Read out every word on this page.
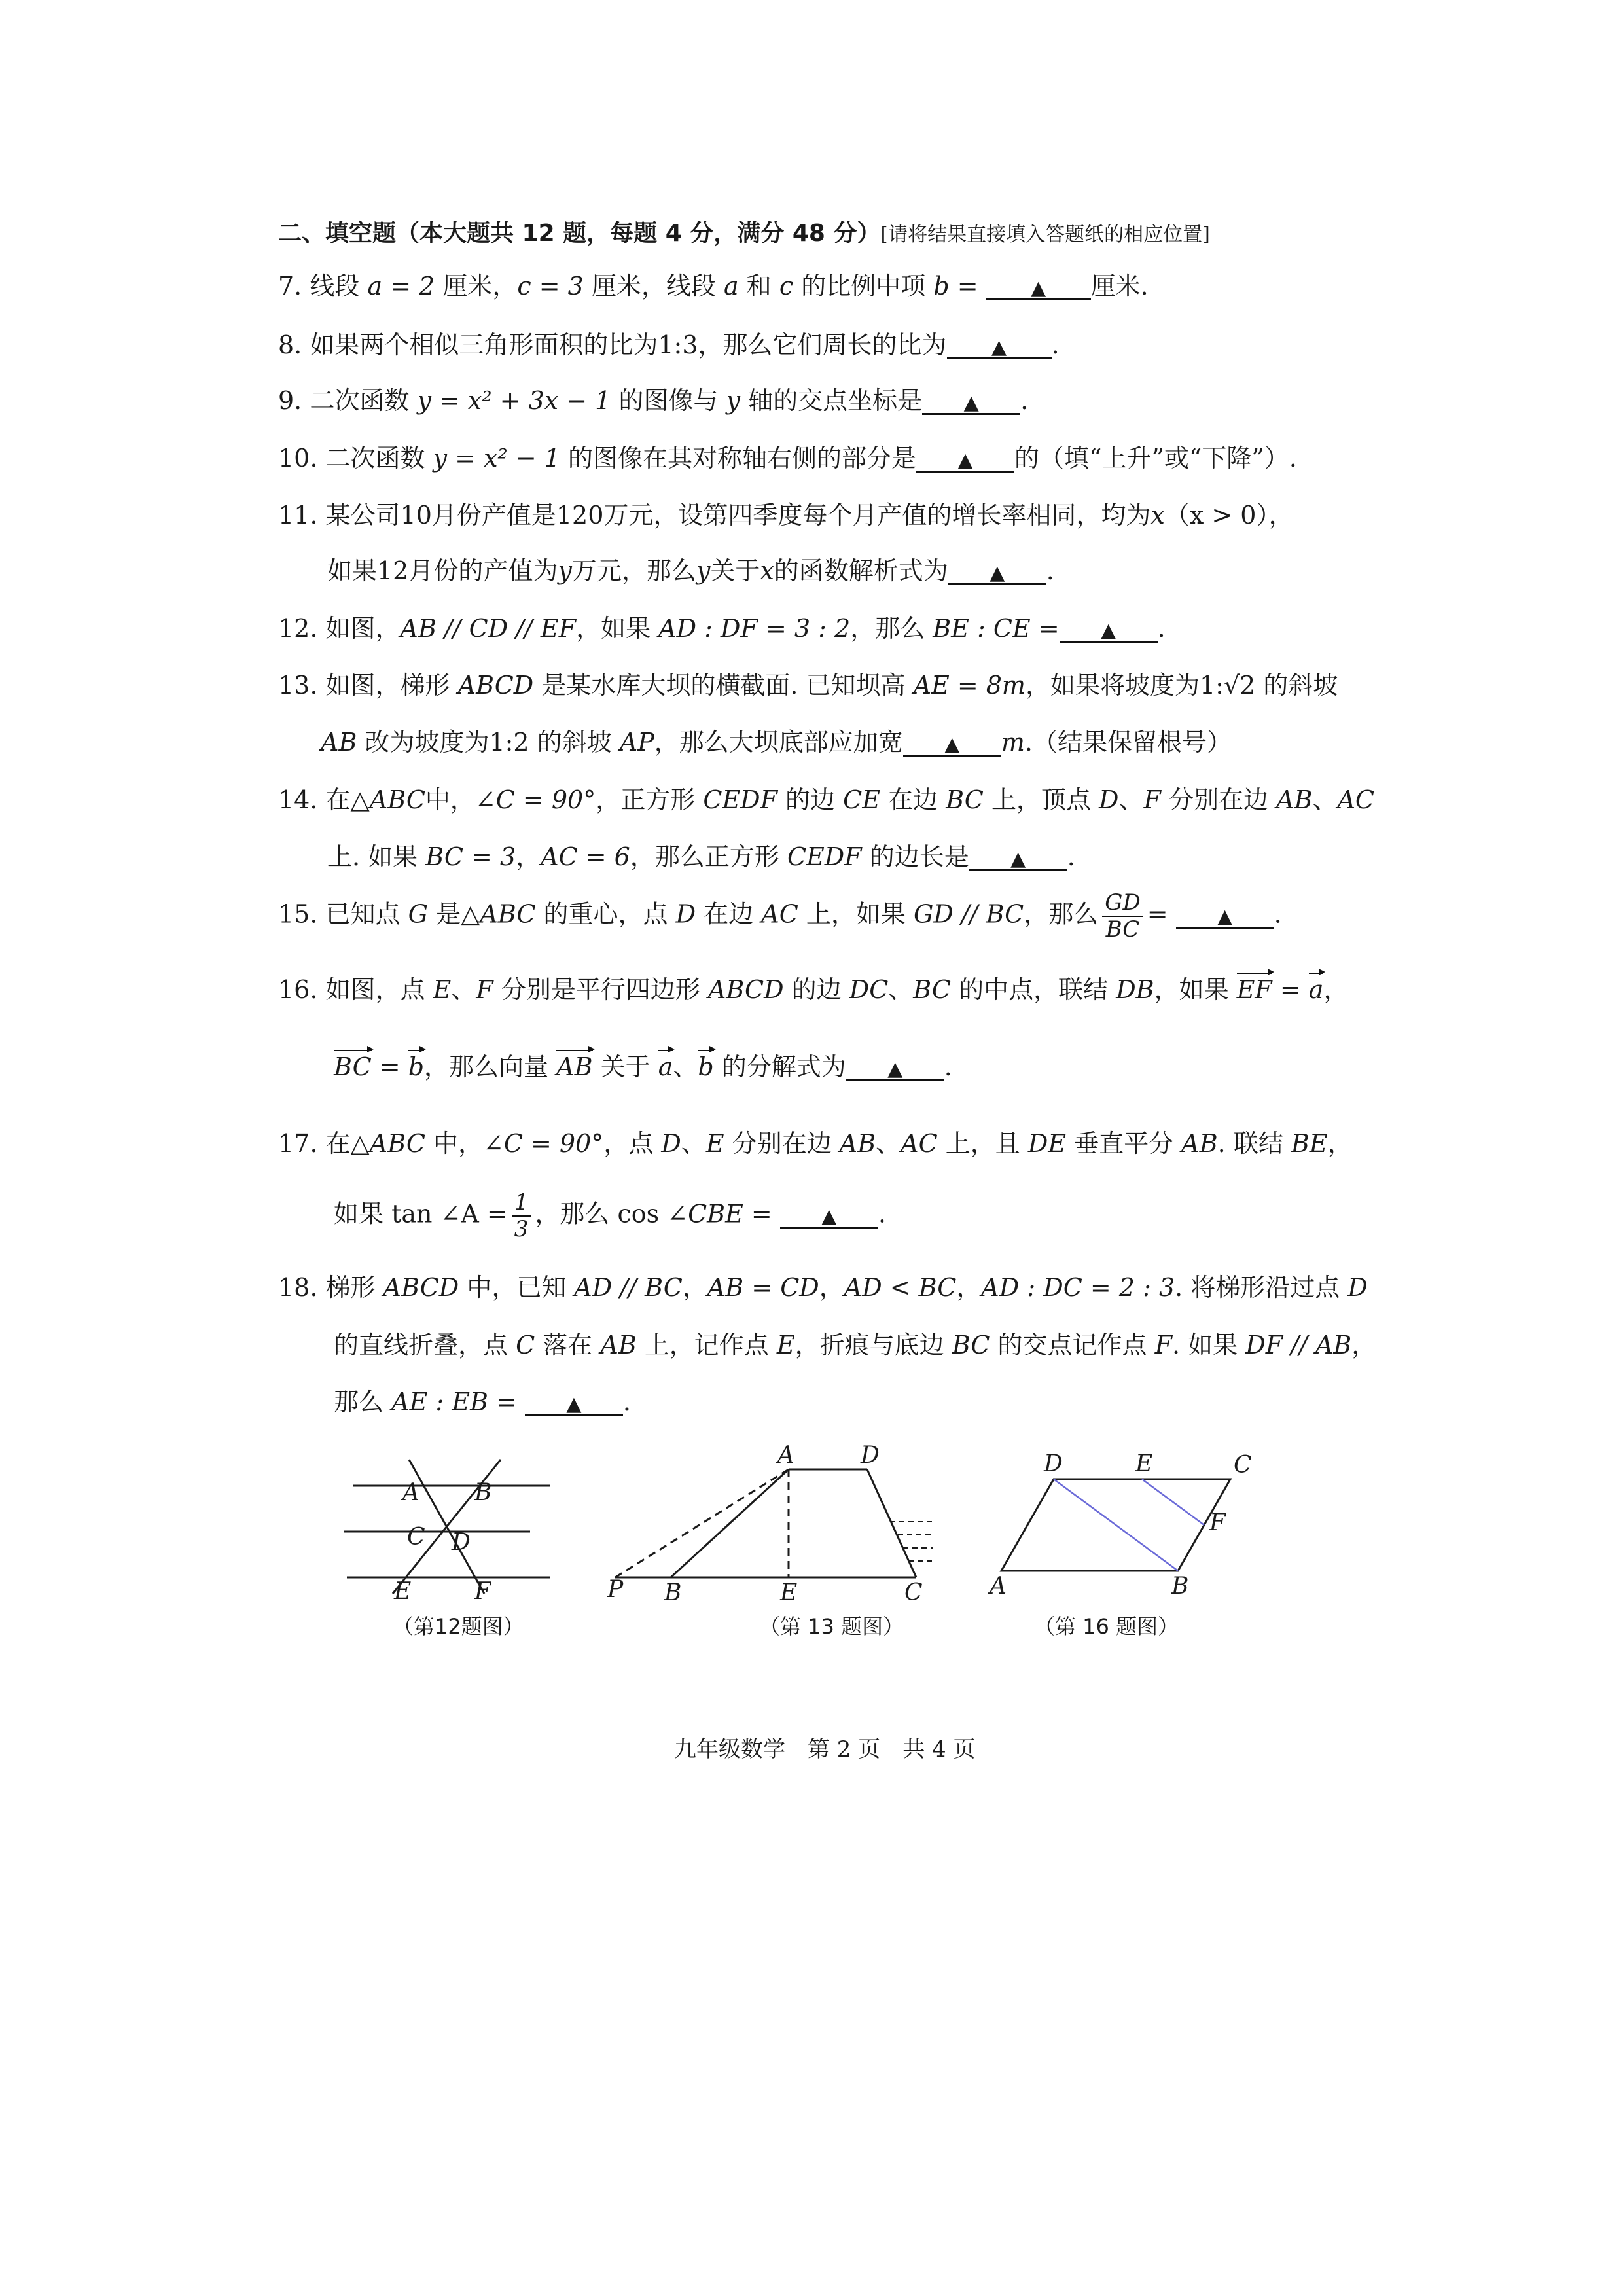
二、填空题（本大题共 12 题，每题 4 分，满分 48 分）[请将结果直接填入答题纸的相应位置]
7. 线段 a = 2 厘米，c = 3 厘米，线段 a 和 c 的比例中项 b =	▲ 厘米.
8. 如果两个相似三角形面积的比为1:3，那么它们周长的比为 ▲ .
9. 二次函数 y = x² + 3x − 1 的图像与 y 轴的交点坐标是 ▲ .
10. 二次函数 y = x² − 1 的图像在其对称轴右侧的部分是 ▲ 的（填“上升”或“下降”）.
11. 某公司10月份产值是120万元，设第四季度每个月产值的增长率相同，均为x（x > 0），
如果12月份的产值为y万元，那么y关于x的函数解析式为 ▲ .
12. 如图，AB // CD // EF，如果 AD : DF = 3 : 2，那么 BE : CE = ▲ .
13. 如图，梯形 ABCD 是某水库大坝的横截面. 已知坝高 AE = 8m，如果将坡度为1:√2 的斜坡
AB 改为坡度为1:2 的斜坡 AP，那么大坝底部应加宽 ▲ m.（结果保留根号）
14. 在△ABC中，∠C = 90°，正方形 CEDF 的边 CE 在边 BC 上，顶点 D、F 分别在边 AB、AC
上. 如果 BC = 3，AC = 6，那么正方形 CEDF 的边长是 ▲ .
15. 已知点 G 是△ABC 的重心，点 D 在边 AC 上，如果 GD // BC，那么 $\frac{GD}{BC}$ = ▲ .
16. 如图，点 E、F 分别是平行四边形 ABCD 的边 DC、BC 的中点，联结 DB，如果 EF = a，
BC = b，那么向量 AB 关于 a、b 的分解式为 ▲ .
17. 在△ABC 中，∠C = 90°，点 D、E 分别在边 AB、AC 上，且 DE 垂直平分 AB. 联结 BE，
如果 tan ∠A = $\frac{1}{3}$ ，那么 cos ∠CBE =	▲ .
18. 梯形 ABCD 中，已知 AD // BC，AB = CD，AD < BC，AD : DC = 2 : 3. 将梯形沿过点 D
的直线折叠，点 C 落在 AB 上，记作点 E，折痕与底边 BC 的交点记作点 F. 如果 DF // AB，
那么 AE : EB =	▲ .
A B
C D
E	F
（第12题图）
A	D
P B	E	C
（第 13 题图）
D	E	C
F
A	B
（第 16 题图）
九年级数学　第 2 页　共 4 页
